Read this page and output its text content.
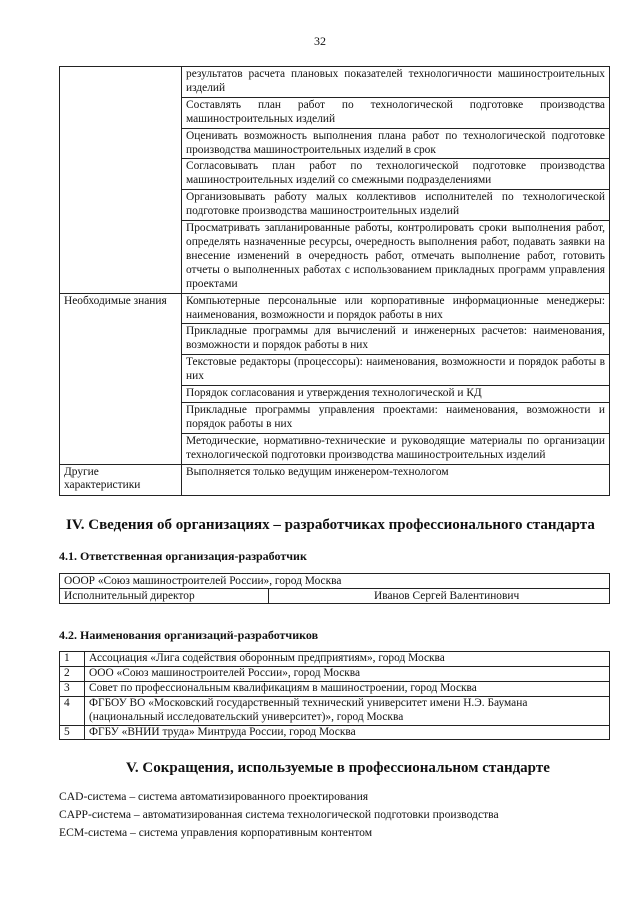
32
	результатов расчета плановых показателей технологичности машиностроительных изделий
	Составлять план работ по технологической подготовке производства машиностроительных изделий
	Оценивать возможность выполнения плана работ по технологической подготовке производства машиностроительных изделий в срок
	Согласовывать план работ по технологической подготовке производства машиностроительных изделий со смежными подразделениями
	Организовывать работу малых коллективов исполнителей по технологической подготовке производства машиностроительных изделий
	Просматривать запланированные работы, контролировать сроки выполнения работ, определять назначенные ресурсы, очередность выполнения работ, подавать заявки на внесение изменений в очередность работ, отмечать выполнение работ, готовить отчеты о выполненных работах с использованием прикладных программ управления проектами
Необходимые знания	Компьютерные персональные или корпоративные информационные менеджеры: наименования, возможности и порядок работы в них
	Прикладные программы для вычислений и инженерных расчетов: наименования, возможности и порядок работы в них
	Текстовые редакторы (процессоры): наименования, возможности и порядок работы в них
	Порядок согласования и утверждения технологической и КД
	Прикладные программы управления проектами: наименования, возможности и порядок работы в них
	Методические, нормативно-технические и руководящие материалы по организации технологической подготовки производства машиностроительных изделий
Другие характеристики	Выполняется только ведущим инженером-технологом
IV. Сведения об организациях – разработчиках профессионального стандарта
4.1. Ответственная организация-разработчик
ОООР «Союз машиностроителей России», город Москва
Исполнительный директор	Иванов Сергей Валентинович
4.2. Наименования организаций-разработчиков
1	Ассоциация «Лига содействия оборонным предприятиям», город Москва
2	ООО «Союз машиностроителей России», город Москва
3	Совет по профессиональным квалификациям в машиностроении, город Москва
4	ФГБОУ ВО «Московский государственный технический университет имени Н.Э. Баумана (национальный исследовательский университет)», город Москва
5	ФГБУ «ВНИИ труда» Минтруда России, город Москва
V. Сокращения, используемые в профессиональном стандарте
CAD-система – система автоматизированного проектирования
CAPP-система – автоматизированная система технологической подготовки производства
ECM-система – система управления корпоративным контентом
